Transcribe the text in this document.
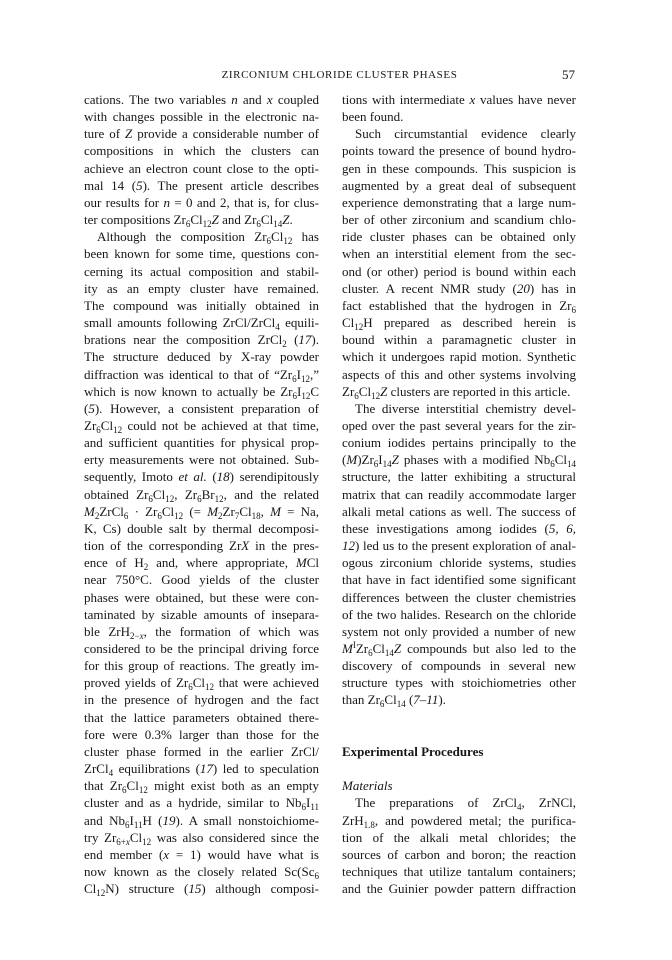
ZIRCONIUM CHLORIDE CLUSTER PHASES	57
cations. The two variables n and x coupled
with changes possible in the electronic na-
ture of Z provide a considerable number of
compositions in which the clusters can
achieve an electron count close to the opti-
mal 14 (5). The present article describes
our results for n = 0 and 2, that is, for clus-
ter compositions $Zr_6Cl_{12}Z$ and $Zr_6Cl_{14}Z$.
Although the composition $Zr_6Cl_{12}$ has
been known for some time, questions con-
cerning its actual composition and stabil-
ity as an empty cluster have remained.
The compound was initially obtained in
small amounts following ZrCl/ZrCl$_4$ equili-
brations near the composition ZrCl$_2$ (17).
The structure deduced by X-ray powder
diffraction was identical to that of “$Zr_6I_{12}$,”
which is now known to actually be $Zr_6I_{12}C$
(5). However, a consistent preparation of
$Zr_6Cl_{12}$ could not be achieved at that time,
and sufficient quantities for physical prop-
erty measurements were not obtained. Sub-
sequently, Imoto et al. (18) serendipitously
obtained $Zr_6Cl_{12}$, $Zr_6Br_{12}$, and the related
$M_2ZrCl_6 \cdot Zr_6Cl_{12}$ (= $M_2Zr_7Cl_{18}$, M = Na,
K, Cs) double salt by thermal decomposi-
tion of the corresponding ZrX in the pres-
ence of $H_2$ and, where appropriate, MCl
near 750°C. Good yields of the cluster
phases were obtained, but these were con-
taminated by sizable amounts of insepara-
ble ZrH$_{2-x}$, the formation of which was
considered to be the principal driving force
for this group of reactions. The greatly im-
proved yields of $Zr_6Cl_{12}$ that were achieved
in the presence of hydrogen and the fact
that the lattice parameters obtained there-
fore were 0.3% larger than those for the
cluster phase formed in the earlier ZrCl/
ZrCl$_4$ equilibrations (17) led to speculation
that $Zr_6Cl_{12}$ might exist both as an empty
cluster and as a hydride, similar to $Nb_6I_{11}$
and $Nb_6I_{11}H$ (19). A small nonstoichiome-
try $Zr_{6+x}Cl_{12}$ was also considered since the
end member (x = 1) would have what is
now known as the closely related $Sc(Sc_6$
$Cl_{12}N$) structure (15) although composi-
tions with intermediate x values have never
been found.
Such circumstantial evidence clearly
points toward the presence of bound hydro-
gen in these compounds. This suspicion is
augmented by a great deal of subsequent
experience demonstrating that a large num-
ber of other zirconium and scandium chlo-
ride cluster phases can be obtained only
when an interstitial element from the sec-
ond (or other) period is bound within each
cluster. A recent NMR study (20) has in
fact established that the hydrogen in $Zr_6$
$Cl_{12}H$ prepared as described herein is
bound within a paramagnetic cluster in
which it undergoes rapid motion. Synthetic
aspects of this and other systems involving
$Zr_6Cl_{12}Z$ clusters are reported in this article.
The diverse interstitial chemistry devel-
oped over the past several years for the zir-
conium iodides pertains principally to the
$(M)Zr_6I_{14}Z$ phases with a modified $Nb_6Cl_{14}$
structure, the latter exhibiting a structural
matrix that can readily accommodate larger
alkali metal cations as well. The success of
these investigations among iodides (5, 6,
12) led us to the present exploration of anal-
ogous zirconium chloride systems, studies
that have in fact identified some significant
differences between the cluster chemistries
of the two halides. Research on the chloride
system not only provided a number of new
$M^IZr_6Cl_{14}Z$ compounds but also led to the
discovery of compounds in several new
structure types with stoichiometries other
than $Zr_6Cl_{14}$ (7–11).
Experimental Procedures
Materials
The preparations of ZrCl$_4$, ZrNCl,
ZrH$_{1.8}$, and powdered metal; the purifica-
tion of the alkali metal chlorides; the
sources of carbon and boron; the reaction
techniques that utilize tantalum containers;
and the Guinier powder pattern diffraction
